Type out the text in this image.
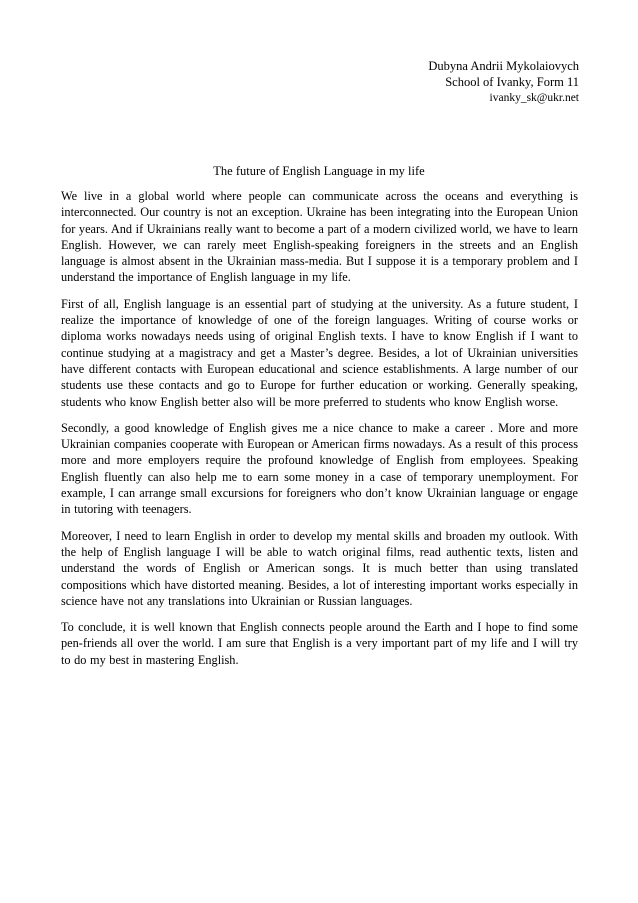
Dubyna Andrii Mykolaiovych
School of Ivanky, Form 11
ivanky_sk@ukr.net
The future of English Language in my life

We live in a global world where people can communicate across the oceans and everything is interconnected. Our country is not an exception. Ukraine has been integrating into the European Union for years. And if Ukrainians really want to become a part of a modern civilized world, we have to learn English. However, we can rarely meet English-speaking foreigners in the streets and an English language is almost absent in the Ukrainian mass-media. But I suppose it is a temporary problem and I understand the importance of English language in my life.

First of all, English language is an essential part of studying at the university. As a future student, I realize the importance of knowledge of one of the foreign languages. Writing of course works or diploma works nowadays needs using of original English texts. I have to know English if I want to continue studying at a magistracy and get a Master’s degree. Besides, a lot of Ukrainian universities have different contacts with European educational and science establishments. A large number of our students use these contacts and go to Europe for further education or working. Generally speaking, students who know English better also will be more preferred to students who know English worse.

Secondly, a good knowledge of English gives me a nice chance to make a career . More and more Ukrainian companies cooperate with European or American firms nowadays. As a result of this process more and more employers require the profound knowledge of English from employees. Speaking English fluently can also help me to earn some money in a case of temporary unemployment. For example, I can arrange small excursions for foreigners who don’t know Ukrainian language or engage in tutoring with teenagers.

Moreover, I need to learn English in order to develop my mental skills and broaden my outlook. With the help of English language I will be able to watch original films, read authentic texts, listen and understand the words of English or American songs. It is much better than using translated compositions which have distorted meaning. Besides, a lot of interesting important works especially in science have not any translations into Ukrainian or Russian languages.

To conclude, it is well known that English connects people around the Earth and I hope to find some pen-friends all over the world. I am sure that English is a very important part of my life and I will try to do my best in mastering English.
